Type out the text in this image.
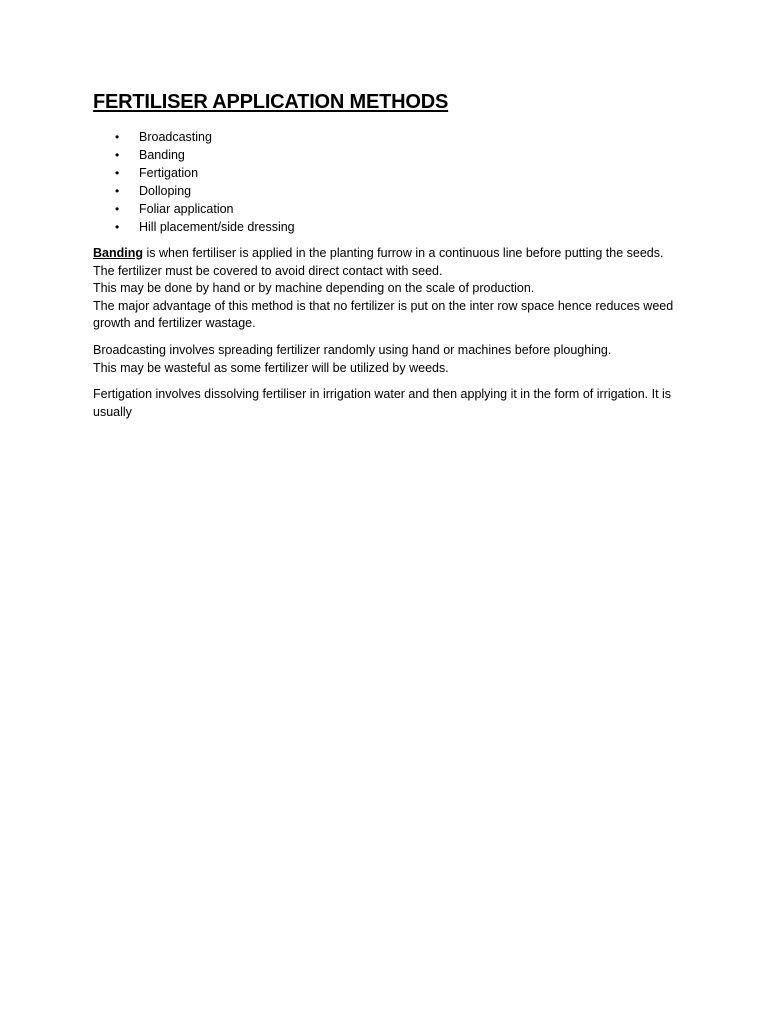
FERTILISER APPLICATION METHODS
• Broadcasting
• Banding
• Fertigation
• Dolloping
• Foliar application
• Hill placement/side dressing

Banding is when fertiliser is applied in the planting furrow in a continuous line before putting the seeds.
The fertilizer must be covered to avoid direct contact with seed.
This may be done by hand or by machine depending on the scale of production.
The major advantage of this method is that no fertilizer is put on the inter row space hence reduces weed growth and fertilizer wastage.

Broadcasting involves spreading fertilizer randomly using hand or machines before ploughing.
This may be wasteful as some fertilizer will be utilized by weeds.

Fertigation involves dissolving fertiliser in irrigation water and then applying it in the form of irrigation. It is usually
